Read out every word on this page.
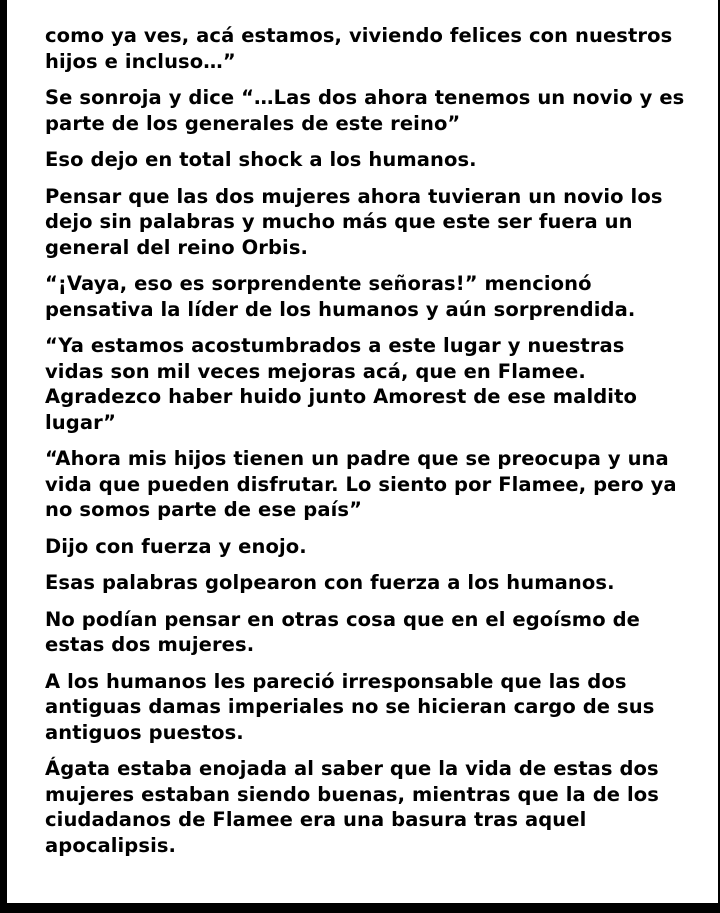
como ya ves, acá estamos, viviendo felices con nuestros hijos e incluso…”

Se sonroja y dice “…Las dos ahora tenemos un novio y es parte de los generales de este reino”

Eso dejo en total shock a los humanos.

Pensar que las dos mujeres ahora tuvieran un novio los dejo sin palabras y mucho más que este ser fuera un general del reino Orbis.

“¡Vaya, eso es sorprendente señoras!” mencionó pensativa la líder de los humanos y aún sorprendida.

“Ya estamos acostumbrados a este lugar y nuestras vidas son mil veces mejoras acá, que en Flamee. Agradezco haber huido junto Amorest de ese maldito lugar”

“Ahora mis hijos tienen un padre que se preocupa y una vida que pueden disfrutar. Lo siento por Flamee, pero ya no somos parte de ese país”

Dijo con fuerza y enojo.

Esas palabras golpearon con fuerza a los humanos.

No podían pensar en otras cosa que en el egoísmo de estas dos mujeres.

A los humanos les pareció irresponsable que las dos antiguas damas imperiales no se hicieran cargo de sus antiguos puestos.

Ágata estaba enojada al saber que la vida de estas dos mujeres estaban siendo buenas, mientras que la de los ciudadanos de Flamee era una basura tras aquel apocalipsis.
